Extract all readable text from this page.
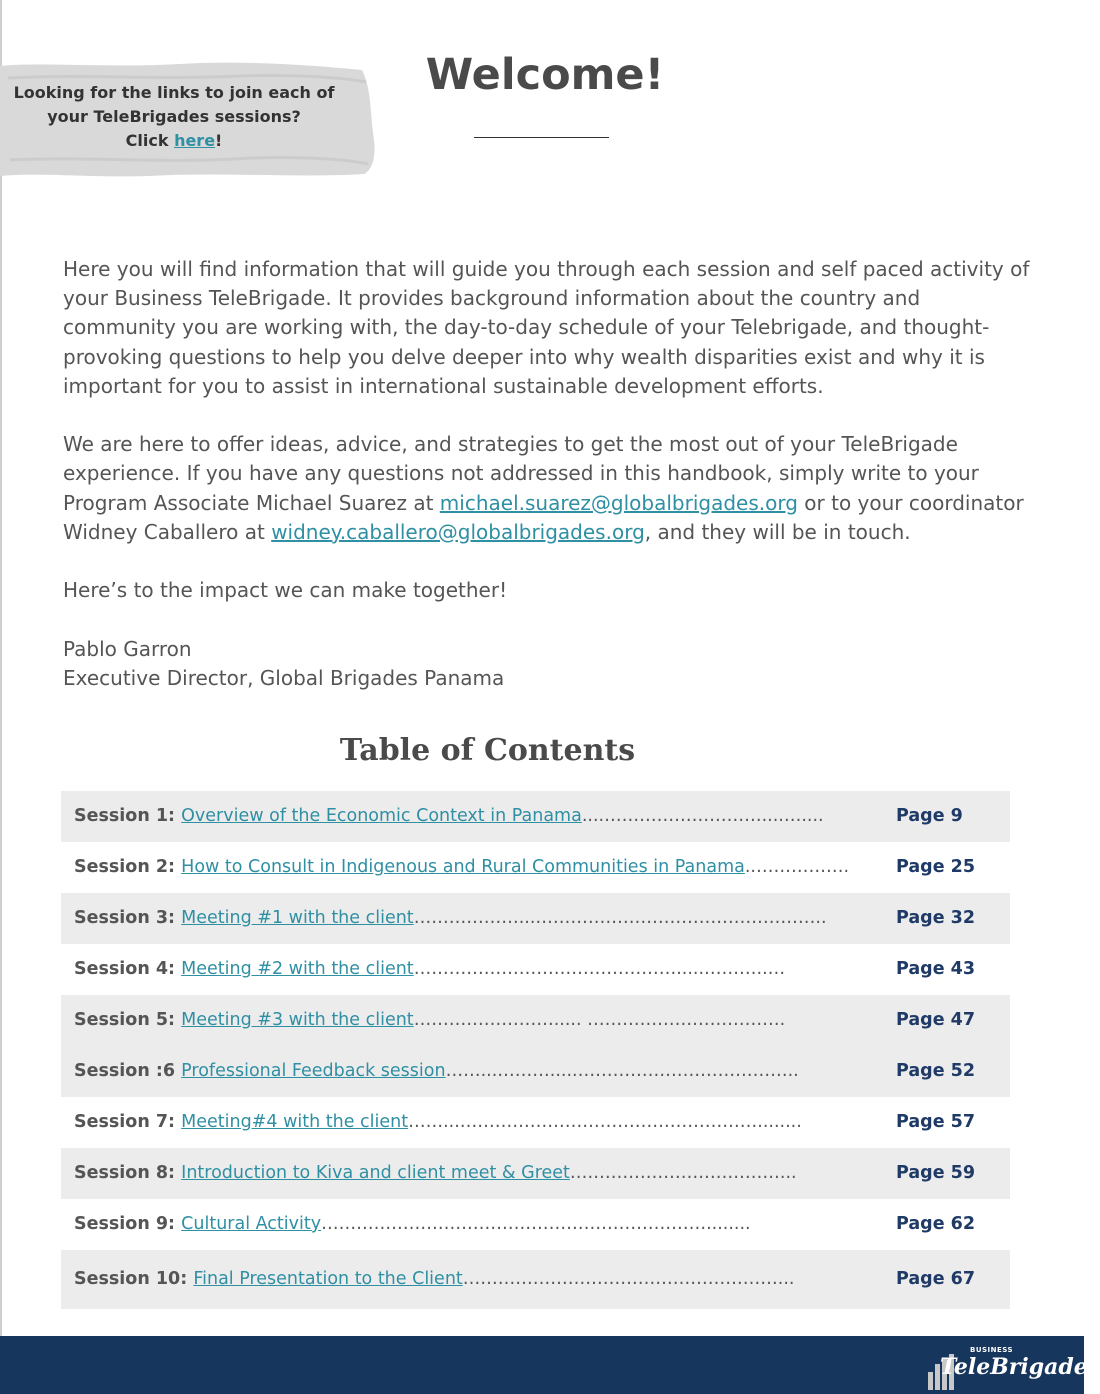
Looking for the links to join each of
your TeleBrigades sessions?
Click here!
Welcome!

Here you will find information that will guide you through each session and self paced activity of your Business TeleBrigade. It provides background information about the country and community you are working with, the day-to-day schedule of your Telebrigade, and thought-provoking questions to help you delve deeper into why wealth disparities exist and why it is important for you to assist in international sustainable development efforts.

We are here to offer ideas, advice, and strategies to get the most out of your TeleBrigade experience. If you have any questions not addressed in this handbook, simply write to your Program Associate Michael Suarez at michael.suarez@globalbrigades.org or to your coordinator Widney Caballero at widney.caballero@globalbrigades.org, and they will be in touch.

Here’s to the impact we can make together!

Pablo Garron
Executive Director, Global Brigades Panama
Table of Contents
Session 1: Overview of the Economic Context in Panama....………………………....…....	Page 9
Session 2: How to Consult in Indigenous and Rural Communities in Panama..…………….	Page 25
Session 3: Meeting #1 with the client………………...…………………………………………..	Page 32
Session 4: Meeting #2 with the client……………………………………….....………..…	Page 43
Session 5: Meeting #3 with the client……………………..... …………………………….	Page 47
Session :6 Professional Feedback session……...……….....………………………………..	Page 52
Session 7: Meeting#4 with the client……...……………………………………………........	Page 57
Session 8: Introduction to Kiva and client meet & Greet………………………………...	Page 59
Session 9: Cultural Activity…………………………………………………………........	Page 62
Session 10: Final Presentation to the Client………………………………………………...	Page 67
BUSINESS
TeleBrigades
